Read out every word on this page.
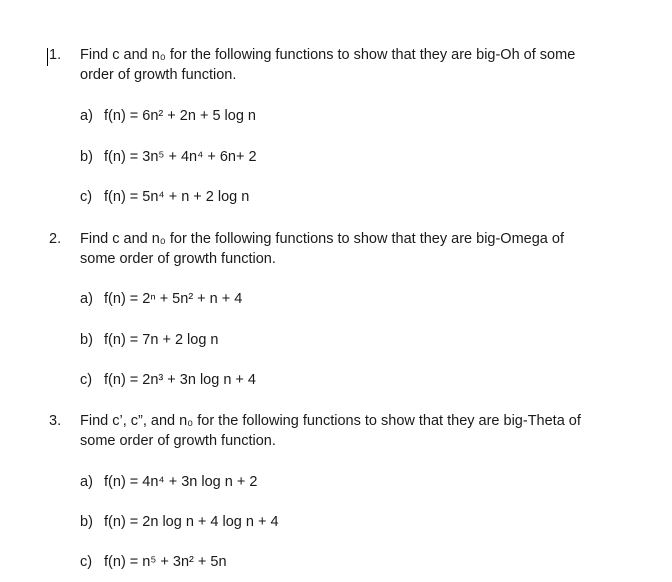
1.	Find c and n₀ for the following functions to show that they are big-Oh of some
order of growth function.

a) f(n) = 6n² + 2n + 5 log n
b) f(n) = 3n⁵ + 4n⁴ + 6n+ 2
c) f(n) = 5n⁴ + n + 2 log n
2.	Find c and n₀ for the following functions to show that they are big-Omega of
some order of growth function.

a) f(n) = 2ⁿ + 5n² + n + 4
b) f(n) = 7n + 2 log n
c) f(n) = 2n³ + 3n log n + 4
3.	Find c’, c”, and n₀ for the following functions to show that they are big-Theta of
some order of growth function.

a) f(n) = 4n⁴ + 3n log n + 2
b) f(n) = 2n log n + 4 log n + 4
c) f(n) = n⁵ + 3n² + 5n
